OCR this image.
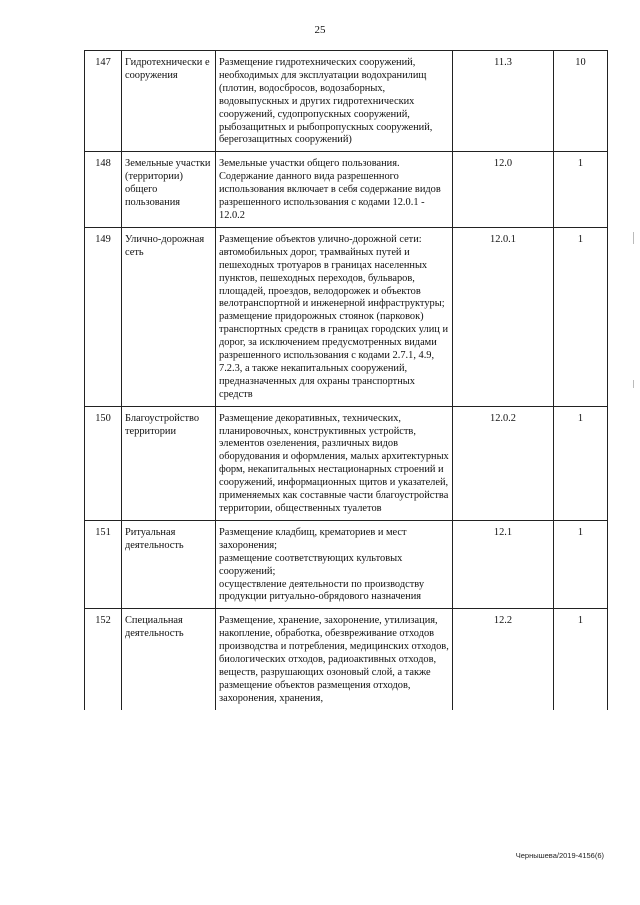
25
147	Гидротехнически е сооружения	Размещение гидротехнических сооружений, необходимых для эксплуатации водохранилищ (плотин, водосбросов, водозаборных, водовыпускных и других гидротехнических сооружений, судопропускных сооружений, рыбозащитных и рыбопропускных сооружений, берегозащитных сооружений)	11.3	10
148	Земельные участки (территории) общего пользования	Земельные участки общего пользования. Содержание данного вида разрешенного использования включает в себя содержание видов разрешенного использования с кодами 12.0.1 - 12.0.2	12.0	1
149	Улично-дорожная сеть	Размещение объектов улично-дорожной сети: автомобильных дорог, трамвайных путей и пешеходных тротуаров в границах населенных пунктов, пешеходных переходов, бульваров, площадей, проездов, велодорожек и объектов велотранспортной и инженерной инфраструктуры;
размещение придорожных стоянок (парковок) транспортных средств в границах городских улиц и дорог, за исключением предусмотренных видами разрешенного использования с кодами 2.7.1, 4.9, 7.2.3, а также некапитальных сооружений, предназначенных для охраны транспортных средств	12.0.1	1
150	Благоустройство территории	Размещение декоративных, технических, планировочных, конструктивных устройств, элементов озеленения, различных видов оборудования и оформления, малых архитектурных форм, некапитальных нестационарных строений и сооружений, информационных щитов и указателей, применяемых как составные части благоустройства территории, общественных туалетов	12.0.2	1
151	Ритуальная деятельность	Размещение кладбищ, крематориев и мест захоронения;
размещение соответствующих культовых сооружений;
осуществление деятельности по производству продукции ритуально-обрядового назначения	12.1	1
152	Специальная деятельность	Размещение, хранение, захоронение, утилизация, накопление, обработка, обезвреживание отходов производства и потребления, медицинских отходов, биологических отходов, радиоактивных отходов, веществ, разрушающих озоновый слой, а также размещение объектов размещения отходов, захоронения, хранения,	12.2	1
Чернышева/2019-4156(6)
